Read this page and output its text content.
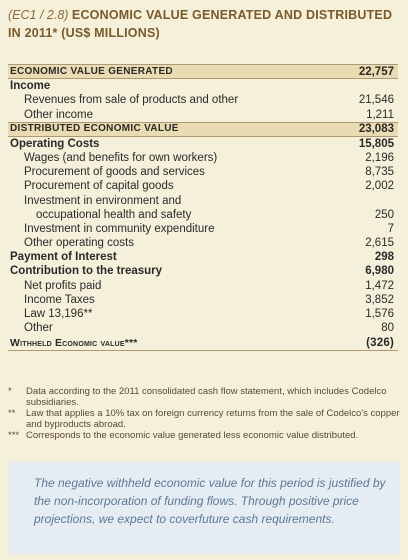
(EC1 / 2.8) ECONOMIC VALUE GENERATED AND DISTRIBUTED IN 2011* (US$ MILLIONS)
ECONOMIC VALUE GENERATED	22,757
Income
Revenues from sale of products and other	21,546
Other income	1,211
DISTRIBUTED ECONOMIC VALUE	23,083
Operating Costs	15,805
Wages (and benefits for own workers)	2,196
Procurement of goods and services	8,735
Procurement of capital goods	2,002
Investment in environment and
occupational health and safety	250
Investment in community expenditure	7
Other operating costs	2,615
Payment of Interest	298
Contribution to the treasury	6,980
Net profits paid	1,472
Income Taxes	3,852
Law 13,196**	1,576
Other	80
Withheld Economic value***	(326)
*	Data according to the 2011 consolidated cash flow statement, which includes Codelco subsidiaries.
**	Law that applies a 10% tax on foreign currency returns from the sale of Codelco's copper and byproducts abroad.
*** Corresponds to the economic value generated less economic value distributed.
The negative withheld economic value for this period is justified by the non-incorporation of funding flows. Through positive price projections, we expect to coverfuture cash requirements.
